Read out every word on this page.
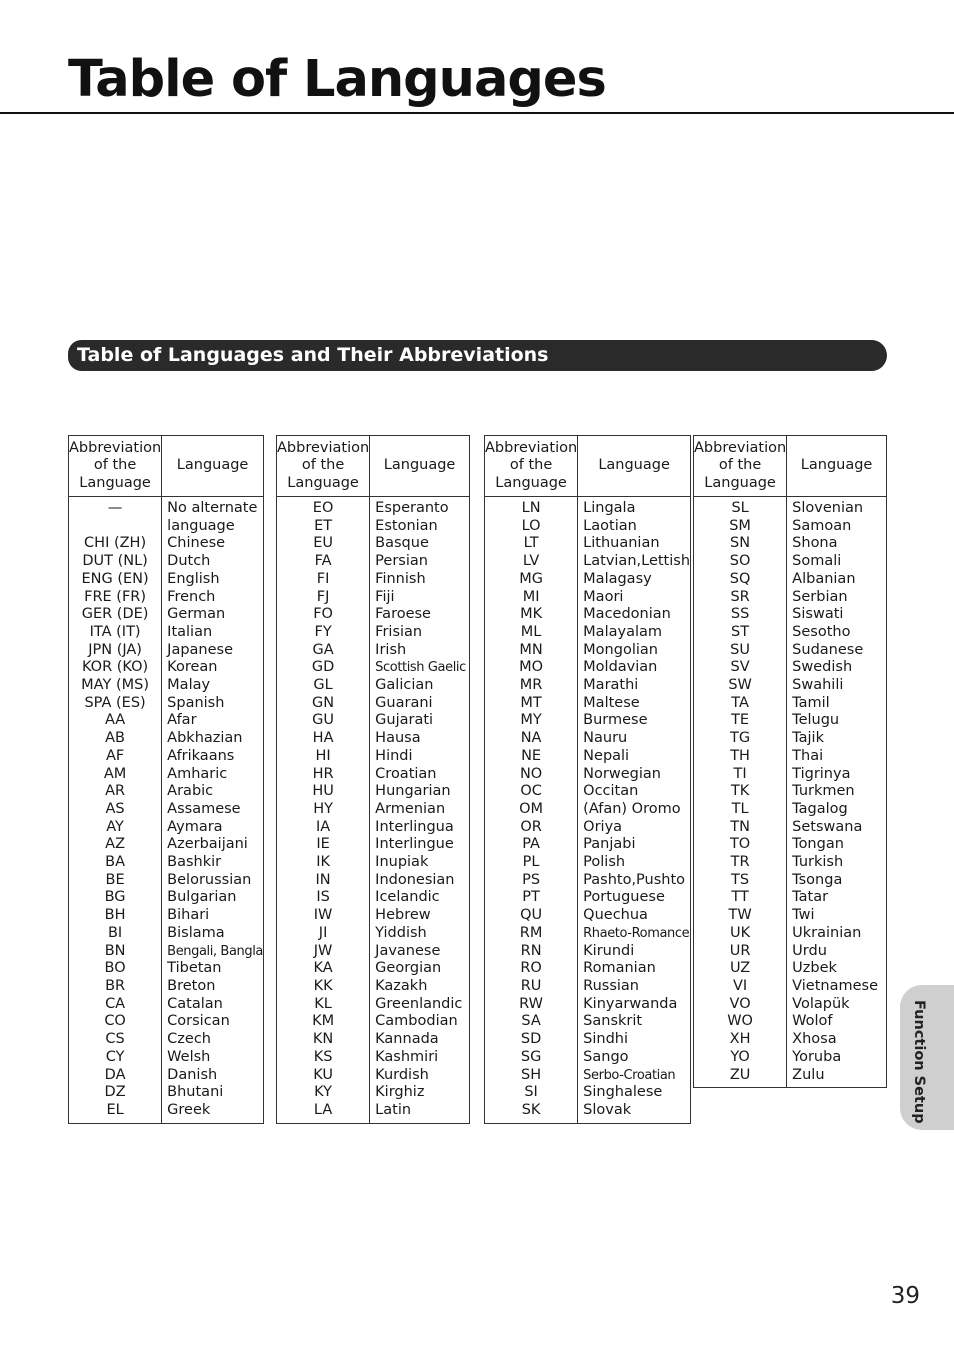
Table of Languages
Table of Languages and Their Abbreviations
Abbreviation
of the
Language	Language
—	No alternate language
CHI (ZH)	Chinese
DUT (NL)	Dutch
ENG (EN)	English
FRE (FR)	French
GER (DE)	German
ITA (IT)	Italian
JPN (JA)	Japanese
KOR (KO)	Korean
MAY (MS)	Malay
SPA (ES)	Spanish
AA	Afar
AB	Abkhazian
AF	Afrikaans
AM	Amharic
AR	Arabic
AS	Assamese
AY	Aymara
AZ	Azerbaijani
BA	Bashkir
BE	Belorussian
BG	Bulgarian
BH	Bihari
BI	Bislama
BN	Bengali, Bangla
BO	Tibetan
BR	Breton
CA	Catalan
CO	Corsican
CS	Czech
CY	Welsh
DA	Danish
DZ	Bhutani
EL	Greek
Abbreviation
of the
Language	Language
EO	Esperanto
ET	Estonian
EU	Basque
FA	Persian
FI	Finnish
FJ	Fiji
FO	Faroese
FY	Frisian
GA	Irish
GD	Scottish Gaelic
GL	Galician
GN	Guarani
GU	Gujarati
HA	Hausa
HI	Hindi
HR	Croatian
HU	Hungarian
HY	Armenian
IA	Interlingua
IE	Interlingue
IK	Inupiak
IN	Indonesian
IS	Icelandic
IW	Hebrew
JI	Yiddish
JW	Javanese
KA	Georgian
KK	Kazakh
KL	Greenlandic
KM	Cambodian
KN	Kannada
KS	Kashmiri
KU	Kurdish
KY	Kirghiz
LA	Latin
Abbreviation
of the
Language	Language
LN	Lingala
LO	Laotian
LT	Lithuanian
LV	Latvian,Lettish
MG	Malagasy
MI	Maori
MK	Macedonian
ML	Malayalam
MN	Mongolian
MO	Moldavian
MR	Marathi
MT	Maltese
MY	Burmese
NA	Nauru
NE	Nepali
NO	Norwegian
OC	Occitan
OM	(Afan) Oromo
OR	Oriya
PA	Panjabi
PL	Polish
PS	Pashto,Pushto
PT	Portuguese
QU	Quechua
RM	Rhaeto-Romance
RN	Kirundi
RO	Romanian
RU	Russian
RW	Kinyarwanda
SA	Sanskrit
SD	Sindhi
SG	Sango
SH	Serbo-Croatian
SI	Singhalese
SK	Slovak
Abbreviation
of the
Language	Language
SL	Slovenian
SM	Samoan
SN	Shona
SO	Somali
SQ	Albanian
SR	Serbian
SS	Siswati
ST	Sesotho
SU	Sudanese
SV	Swedish
SW	Swahili
TA	Tamil
TE	Telugu
TG	Tajik
TH	Thai
TI	Tigrinya
TK	Turkmen
TL	Tagalog
TN	Setswana
TO	Tongan
TR	Turkish
TS	Tsonga
TT	Tatar
TW	Twi
UK	Ukrainian
UR	Urdu
UZ	Uzbek
VI	Vietnamese
VO	Volapük
WO	Wolof
XH	Xhosa
YO	Yoruba
ZU	Zulu	Function Setup
39
